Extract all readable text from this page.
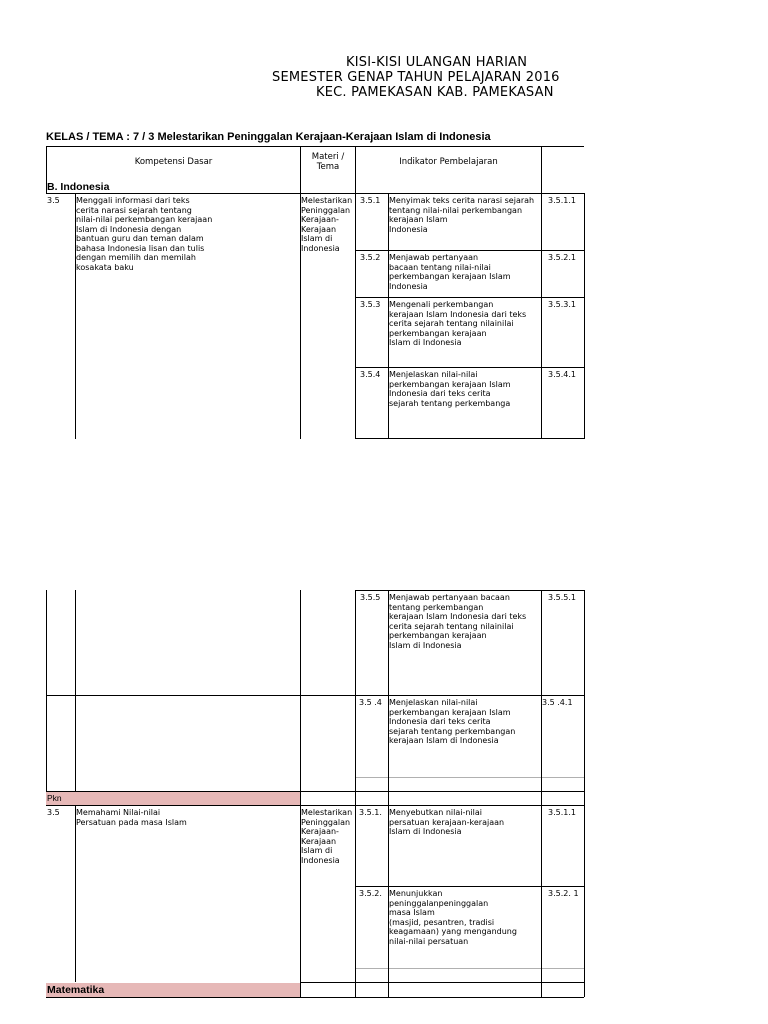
KISI-KISI ULANGAN HARIAN
SEMESTER GENAP TAHUN PELAJARAN 2016
KEC. PAMEKASAN KAB. PAMEKASAN
KELAS / TEMA : 7 / 3 Melestarikan Peninggalan Kerajaan-Kerajaan Islam di Indonesia
Kompetensi Dasar	Materi /
Tema	Indikator Pembelajaran
B. Indonesia
3.5 Menggali informasi dari teks
cerita narasi sejarah tentang
nilai-nilai perkembangan kerajaan
Islam di Indonesia dengan
bantuan guru dan teman dalam
bahasa Indonesia lisan dan tulis
dengan memilih dan memilah
kosakata baku
Melestarikan
Peninggalan
Kerajaan-
Kerajaan
Islam di
Indonesia
3.5.1 Menyimak teks cerita narasi sejarah
tentang nilai-nilai perkembangan
kerajaan Islam
Indonesia
3.5.1.1
3.5.2 Menjawab pertanyaan
bacaan tentang nilai-nilai
perkembangan kerajaan Islam
Indonesia
3.5.2.1
3.5.3 Mengenali perkembangan
kerajaan Islam Indonesia dari teks
cerita sejarah tentang nilainilai
perkembangan kerajaan
Islam di Indonesia
3.5.3.1
3.5.4 Menjelaskan nilai-nilai
perkembangan kerajaan Islam
Indonesia dari teks cerita
sejarah tentang perkembanga
3.5.4.1
3.5.5 Menjawab pertanyaan bacaan
tentang perkembangan
kerajaan Islam Indonesia dari teks
cerita sejarah tentang nilainilai
perkembangan kerajaan
Islam di Indonesia
3.5.5.1
3.5 .4 Menjelaskan nilai-nilai
perkembangan kerajaan Islam
Indonesia dari teks cerita
sejarah tentang perkembangan
kerajaan Islam di Indonesia
3.5 .4.1
Pkn
3.5 Memahami Nilai-nilai
Persatuan pada masa Islam
Melestarikan
Peninggalan
Kerajaan-
Kerajaan
Islam di
Indonesia
3.5.1. Menyebutkan nilai-nilai
persatuan kerajaan-kerajaan
Islam di Indonesia
3.5.1.1
3.5.2. Menunjukkan
peninggalanpeninggalan
masa Islam
(masjid, pesantren, tradisi
keagamaan) yang mengandung
nilai-nilai persatuan
3.5.2. 1
Matematika
